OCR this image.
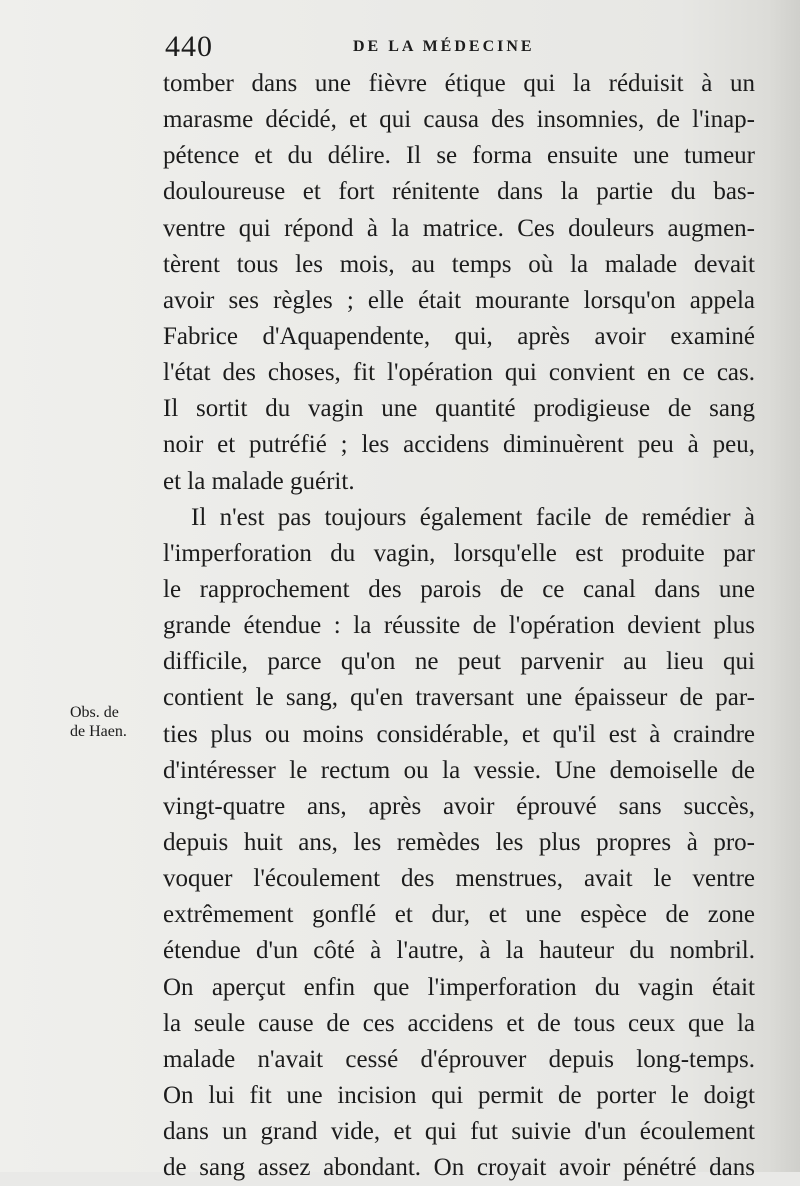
440	DE LA MÉDECINE
Obs. de
de Haen.
tomber dans une fièvre étique qui la réduisit à un
marasme décidé, et qui causa des insomnies, de l'inap-
pétence et du délire. Il se forma ensuite une tumeur
douloureuse et fort rénitente dans la partie du bas-
ventre qui répond à la matrice. Ces douleurs augmen-
tèrent tous les mois, au temps où la malade devait
avoir ses règles ; elle était mourante lorsqu'on appela
Fabrice d'Aquapendente, qui, après avoir examiné
l'état des choses, fit l'opération qui convient en ce cas.
Il sortit du vagin une quantité prodigieuse de sang
noir et putréfié ; les accidens diminuèrent peu à peu,
et la malade guérit.
Il n'est pas toujours également facile de remédier à
l'imperforation du vagin, lorsqu'elle est produite par
le rapprochement des parois de ce canal dans une
grande étendue : la réussite de l'opération devient plus
difficile, parce qu'on ne peut parvenir au lieu qui
contient le sang, qu'en traversant une épaisseur de par-
ties plus ou moins considérable, et qu'il est à craindre
d'intéresser le rectum ou la vessie. Une demoiselle de
vingt-quatre ans, après avoir éprouvé sans succès,
depuis huit ans, les remèdes les plus propres à pro-
voquer l'écoulement des menstrues, avait le ventre
extrêmement gonflé et dur, et une espèce de zone
étendue d'un côté à l'autre, à la hauteur du nombril.
On aperçut enfin que l'imperforation du vagin était
la seule cause de ces accidens et de tous ceux que la
malade n'avait cessé d'éprouver depuis long-temps.
On lui fit une incision qui permit de porter le doigt
dans un grand vide, et qui fut suivie d'un écoulement
de sang assez abondant. On croyait avoir pénétré dans
